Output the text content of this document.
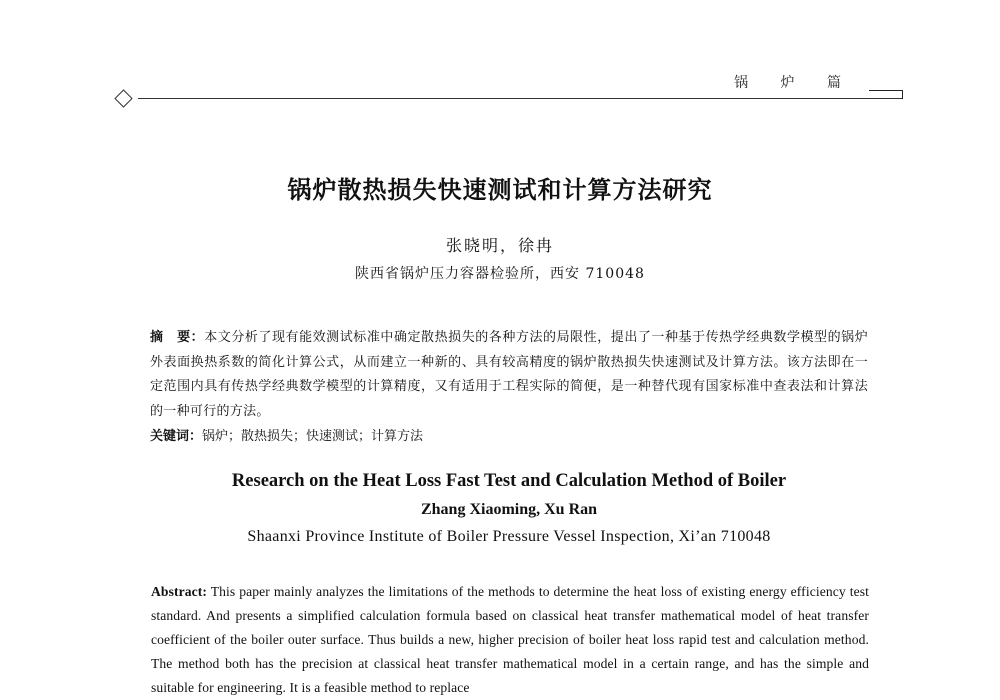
锅 炉 篇
锅炉散热损失快速测试和计算方法研究
张晓明，徐冉
陕西省锅炉压力容器检验所，西安 710048
摘　要：本文分析了现有能效测试标准中确定散热损失的各种方法的局限性，提出了一种基于传热学经典数学模型的锅炉外表面换热系数的简化计算公式，从而建立一种新的、具有较高精度的锅炉散热损失快速测试及计算方法。该方法即在一定范围内具有传热学经典数学模型的计算精度，又有适用于工程实际的简便，是一种替代现有国家标准中查表法和计算法的一种可行的方法。
关键词：锅炉；散热损失；快速测试；计算方法
Research on the Heat Loss Fast Test and Calculation Method of Boiler
Zhang Xiaoming, Xu Ran
Shaanxi Province Institute of Boiler Pressure Vessel Inspection, Xi’an 710048
Abstract: This paper mainly analyzes the limitations of the methods to determine the heat loss of existing energy efficiency test standard. And presents a simplified calculation formula based on classical heat transfer mathematical model of heat transfer coefficient of the boiler outer surface. Thus builds a new, higher precision of boiler heat loss rapid test and calculation method. The method both has the precision at classical heat transfer mathematical model in a certain range, and has the simple and suitable for engineering. It is a feasible method to replace
